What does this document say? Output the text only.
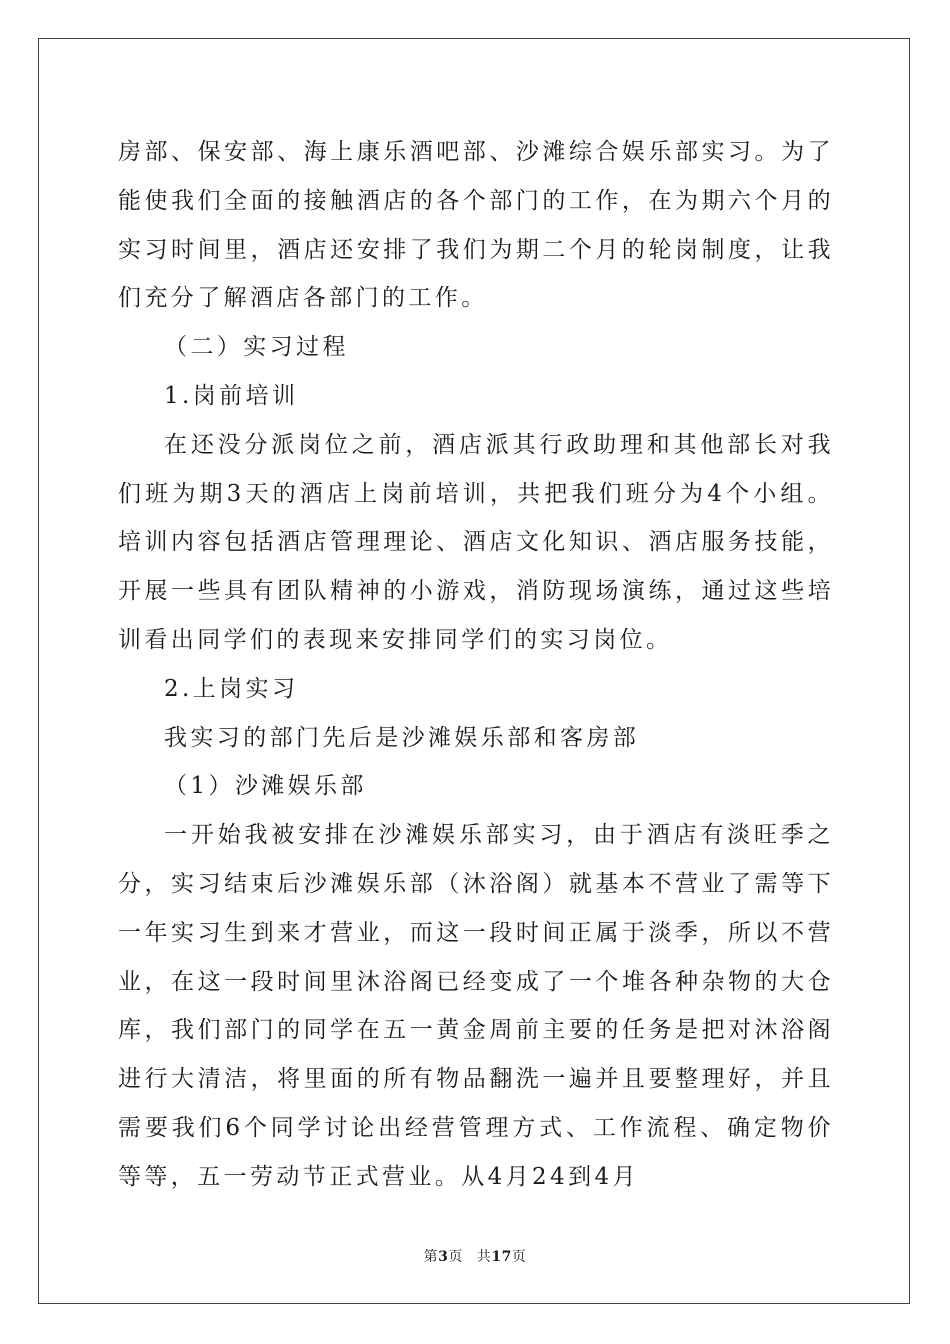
房部、保安部、海上康乐酒吧部、沙滩综合娱乐部实习。为了能使我们全面的接触酒店的各个部门的工作，在为期六个月的实习时间里，酒店还安排了我们为期二个月的轮岗制度，让我们充分了解酒店各部门的工作。

（二）实习过程

1.岗前培训

在还没分派岗位之前，酒店派其行政助理和其他部长对我们班为期3天的酒店上岗前培训，共把我们班分为4个小组。培训内容包括酒店管理理论、酒店文化知识、酒店服务技能，开展一些具有团队精神的小游戏，消防现场演练，通过这些培训看出同学们的表现来安排同学们的实习岗位。

2.上岗实习

我实习的部门先后是沙滩娱乐部和客房部

（1）沙滩娱乐部

一开始我被安排在沙滩娱乐部实习，由于酒店有淡旺季之分，实习结束后沙滩娱乐部（沐浴阁）就基本不营业了需等下一年实习生到来才营业，而这一段时间正属于淡季，所以不营业，在这一段时间里沐浴阁已经变成了一个堆各种杂物的大仓库，我们部门的同学在五一黄金周前主要的任务是把对沐浴阁进行大清洁，将里面的所有物品翻洗一遍并且要整理好，并且需要我们6个同学讨论出经营管理方式、工作流程、确定物价等等，五一劳动节正式营业。从4月24到4月

第3页 共17页
